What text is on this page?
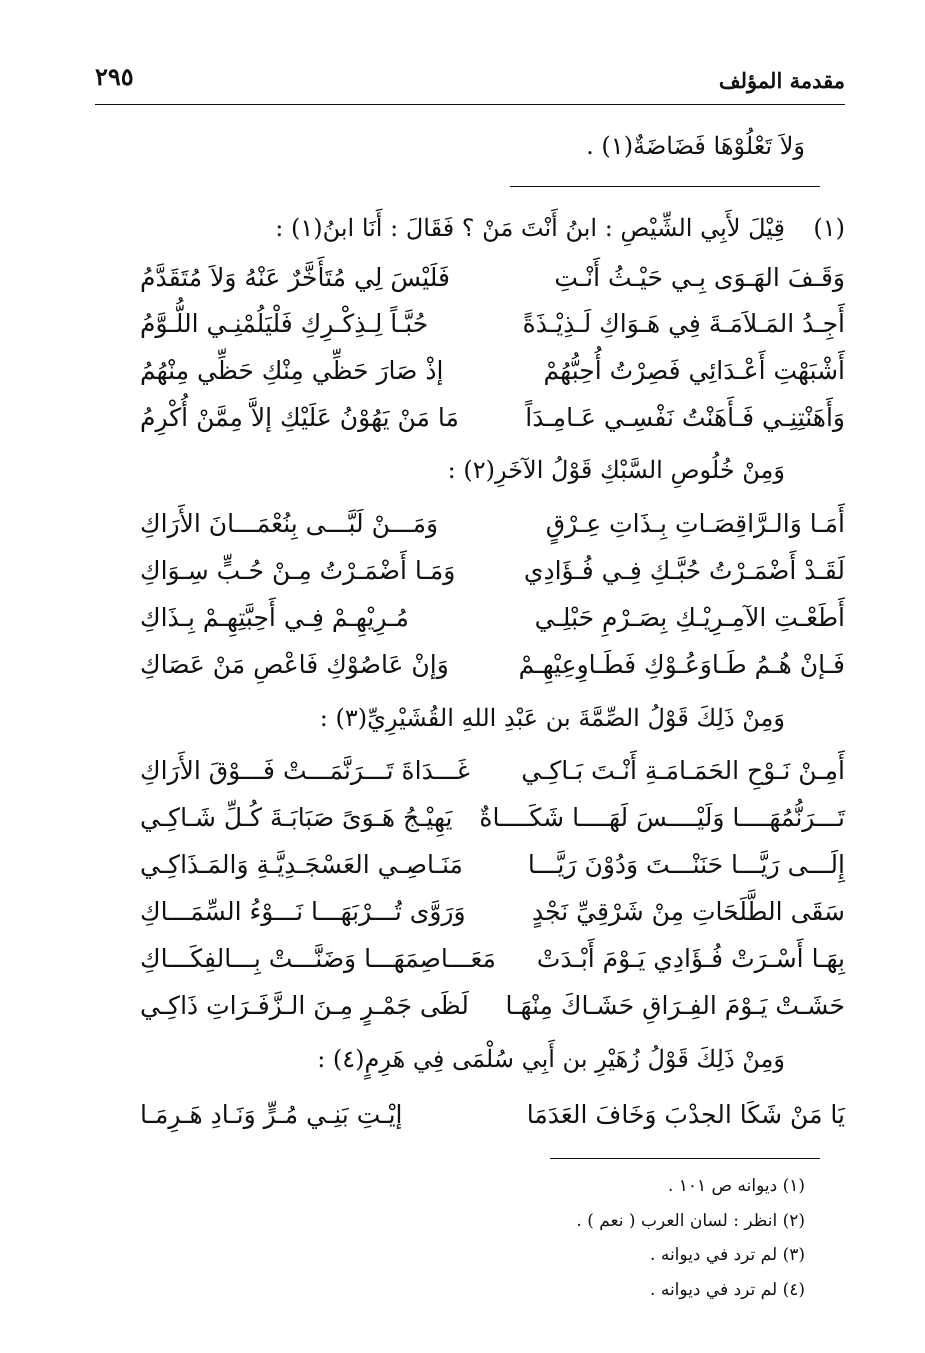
مقدمة المؤلف
٢٩٥
وَلاَ تَعْلُوْهَا فَضَاضَةٌ(١) .
(١)
قِيْلَ لأَبِي الشِّيْصِ : ابنُ أَنْتَ مَنْ ؟ فَقَالَ : أَنَا ابنُ(١) :
وَقَـفَ الهَـوَى بِـي حَيْـثُ أَنْـتِ
فَلَيْسَ لِي مُتَأَخَّرٌ عَنْهُ وَلاَ مُتَقَدَّمُ
أَجِـدُ المَـلاَمَـةَ فِي هَـوَاكِ لَـذِيْـذَةً
حُبَّـاً لِـذِكْـرِكِ فَلْيَلُمْنِـي اللُّـوَّمُ
أَشْبَهْتِ أَعْـدَائِي فَصِرْتُ أُحِبُّهُمْ
إذْ صَارَ حَظِّي مِنْكِ حَظِّي مِنْهُمُ
وَأَهَنْتِنِـي فَـأَهَنْتُ نَفْسِـي عَـامِـدَاً
مَا مَنْ يَهُوْنُ عَلَيْكِ إلاَّ مِمَّنْ أُكْرِمُ
وَمِنْ خُلُوصِ السَّبْكِ قَوْلُ الآخَرِ(٢) :
أَمَـا وَالـرَّاقِصَـاتِ بِـذَاتِ عِـرْقٍ
وَمَـــنْ لَبَّـــى بِنُعْمَـــانَ الأَرَاكِ
لَقَـدْ أَضْمَـرْتُ حُبَّـكِ فِـي فُـؤَادِي
وَمَـا أَضْمَـرْتُ مِـنْ حُـبٍّ سِـوَاكِ
أَطَعْـتِ الآمِـرِيْـكِ بِصَـرْمِ حَبْلِـي
مُـرِيْهِـمْ فِـي أَحِبَّتِهِـمْ بِـذَاكِ
فَـإنْ هُـمُ طَـاوَعُـوْكِ فَطَـاوِعِيْهِـمْ
وَإنْ عَاصُوْكِ فَاعْصِ مَنْ عَصَاكِ
وَمِنْ ذَلِكَ قَوْلُ الصِّمَّةَ بن عَبْدِ اللهِ القُشَيْرِيِّ(٣) :
أَمِـنْ نَـوْحِ الحَمَـامَـةِ أَنْـتَ بَـاكِـي
غَـــدَاةَ تَـــرَنَّمَـــتْ فَـــوْقَ الأَرَاكِ
تَـــرَنُّمُهَــــا وَلَيْــــسَ لَهَــــا شَكَــــاةٌ
يَهِيْـجُ هَـوَىً صَبَابَـةَ كُـلِّ شَـاكِـي
إِلَـــى رَيَّـــا حَنَنْـــتَ وَدُوْنَ رَيَّـــا
مَنَـاصِـي العَسْجَـدِيَّـةِ وَالمَـذَاكِـي
سَقَى الطَّلَحَاتِ مِنْ شَرْقِيِّ نَجْدٍ
وَرَوَّى تُـــرْبَهَـــا نَـــوْءُ السِّمَـــاكِ
بِهَـا أَسْـرَتْ فُـؤَادِي يَـوْمَ أَبْـدَتْ
مَعَـــاصِمَهَـــا وَضَنَّـــتْ بِـــالفِكَـــاكِ
حَشَـتْ يَـوْمَ الفِـرَاقِ حَشَـاكَ مِنْهَـا
لَظَى جَمْـرٍ مِـنَ الـزَّفَـرَاتِ ذَاكِـي
وَمِنْ ذَلِكَ قَوْلُ زُهَيْرِ بن أَبِي سُلْمَى فِي هَرِمٍ(٤) :
يَا مَنْ شَكَا الجدْبَ وَخَافَ العَدَمَا
إيْـتِ بَنِـي مُـرٍّ وَنَـادِ هَـرِمَـا
(١) ديوانه ص ١٠١ .
(٢) انظر : لسان العرب ( نعم ) .
(٣) لم ترد في ديوانه .
(٤) لم ترد في ديوانه .
